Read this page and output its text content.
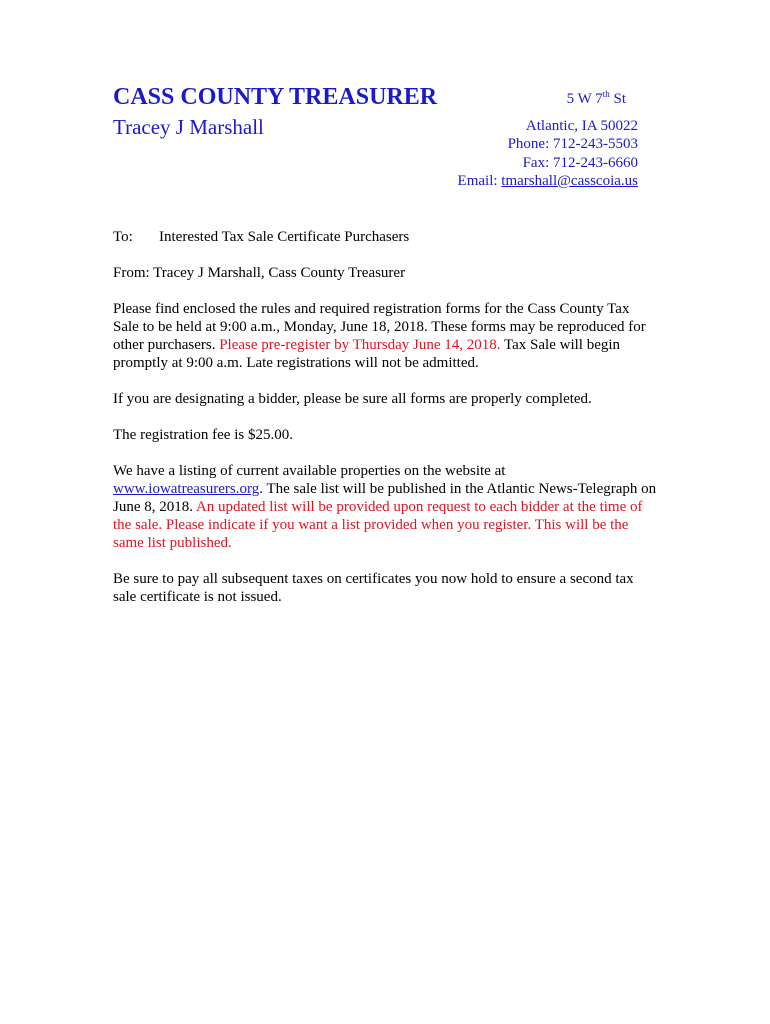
CASS COUNTY TREASURER
Tracey J Marshall
5 W 7th St
Atlantic, IA 50022
Phone: 712-243-5503
Fax: 712-243-6660
Email: tmarshall@casscoia.us

To: Interested Tax Sale Certificate Purchasers

From: Tracey J Marshall, Cass County Treasurer

Please find enclosed the rules and required registration forms for the Cass County Tax Sale to be held at 9:00 a.m., Monday, June 18, 2018. These forms may be reproduced for other purchasers. Please pre-register by Thursday June 14, 2018. Tax Sale will begin promptly at 9:00 a.m. Late registrations will not be admitted.

If you are designating a bidder, please be sure all forms are properly completed.

The registration fee is $25.00.

We have a listing of current available properties on the website at www.iowatreasurers.org. The sale list will be published in the Atlantic News-Telegraph on June 8, 2018. An updated list will be provided upon request to each bidder at the time of the sale. Please indicate if you want a list provided when you register. This will be the same list published.

Be sure to pay all subsequent taxes on certificates you now hold to ensure a second tax sale certificate is not issued.
